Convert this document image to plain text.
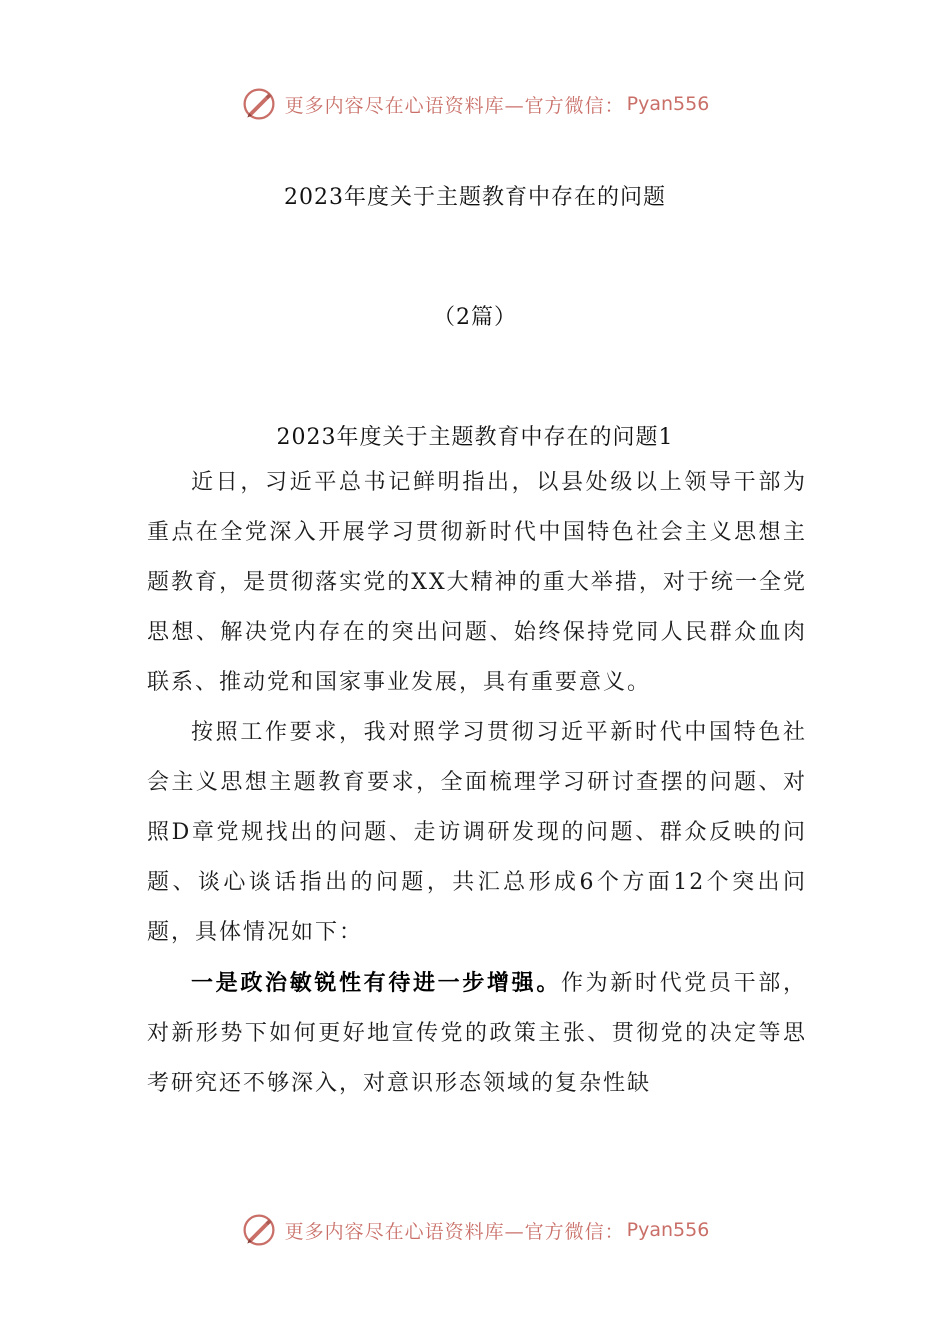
更多内容尽在心语资料库—官方微信： Pyan556
2023年度关于主题教育中存在的问题

（2篇）

2023年度关于主题教育中存在的问题1

近日，习近平总书记鲜明指出，以县处级以上领导干部为重点在全党深入开展学习贯彻新时代中国特色社会主义思想主题教育，是贯彻落实党的XX大精神的重大举措，对于统一全党思想、解决党内存在的突出问题、始终保持党同人民群众血肉联系、推动党和国家事业发展，具有重要意义。

按照工作要求，我对照学习贯彻习近平新时代中国特色社会主义思想主题教育要求，全面梳理学习研讨查摆的问题、对照D章党规找出的问题、走访调研发现的问题、群众反映的问题、谈心谈话指出的问题，共汇总形成6个方面12个突出问题，具体情况如下：

一是政治敏锐性有待进一步增强。作为新时代党员干部，对新形势下如何更好地宣传党的政策主张、贯彻党的决定等思考研究还不够深入，对意识形态领域的复杂性缺

更多内容尽在心语资料库—官方微信： Pyan556
